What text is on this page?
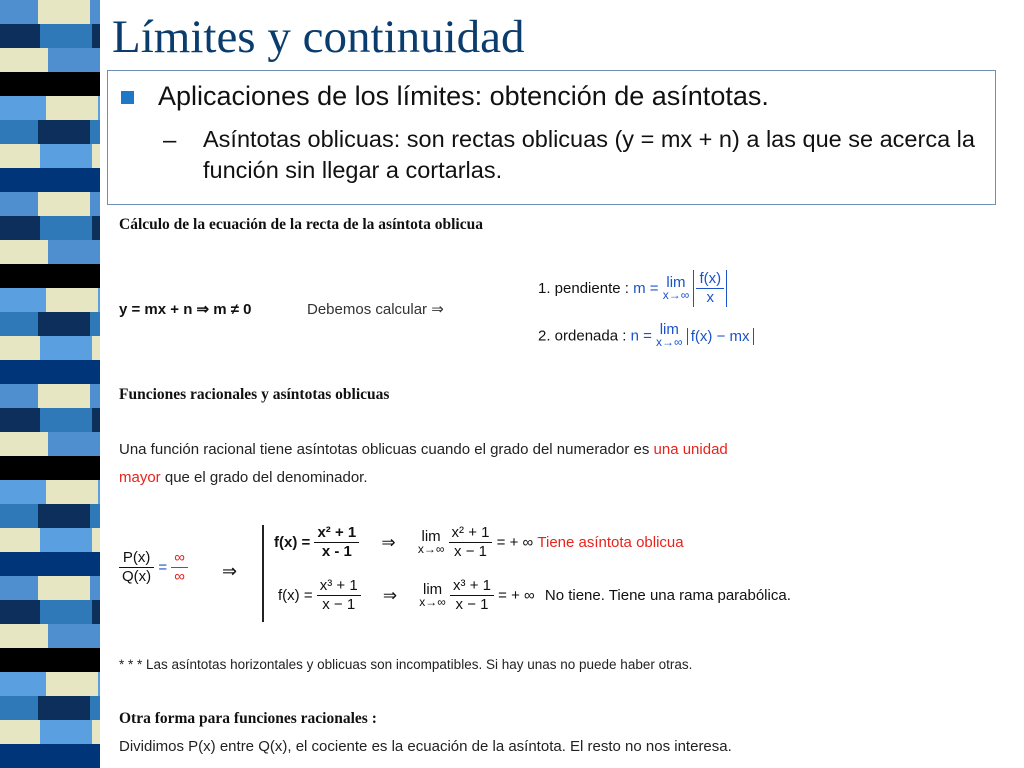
Límites y continuidad
Aplicaciones de los límites: obtención de asíntotas.
– Asíntotas oblicuas: son rectas oblicuas (y = mx + n) a las que se acerca la función sin llegar a cortarlas.
Cálculo de la ecuación de la recta de la asíntota oblicua
y = mx + n ⇒ m ≠ 0	Debemos calcular ⇒
1. pendiente : m = lim
x→∞
$\frac{f(x)}{x}$
2. ordenada : n = lim
x→∞ f(x) − mx
Funciones racionales y asíntotas oblicuas
Una función racional tiene asíntotas oblicuas cuando el grado del numerador es una unidad
mayor que el grado del denominador.
$\frac{P(x)}{Q(x)} = \frac{\infty}{\infty}$ ⇒
$f(x) = \frac{\text{x² + 1}}{x - 1}$ ⇒ lim
x→∞
$\frac{\text{x² + 1}}{x - 1}$ = + ∞ Tiene asíntota oblicua
$f(x) = \frac{\text{x³ + 1}}{x - 1}$ ⇒ lim
x→∞
$\frac{\text{x³ + 1}}{x - 1}$ = + ∞ No tiene. Tiene una rama parabólica.
* * * Las asíntotas horizontales y oblicuas son incompatibles. Si hay unas no puede haber otras.
Otra forma para funciones racionales :
Dividimos P(x) entre Q(x), el cociente es la ecuación de la asíntota. El resto no nos interesa.
